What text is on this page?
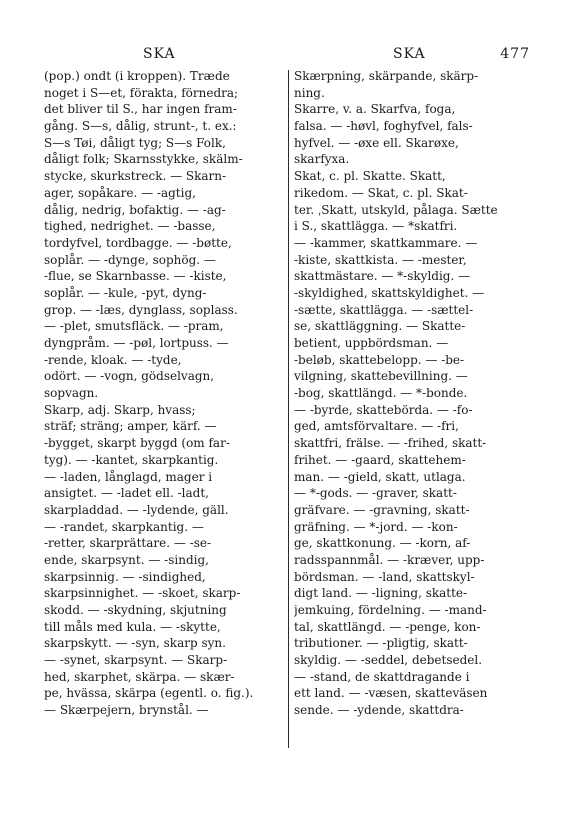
SKA	SKA	477
(pop.) ondt (i kroppen). Træde
noget i S—et, förakta, förnedra;
det bliver til S., har ingen fram-
gång. S—s, dålig, strunt-, t. ex.:
S—s Tøi, dåligt tyg; S—s Folk,
dåligt folk; Skarnsstykke, skälm-
stycke, skurkstreck. — Skarn-
ager, sopåkare. — -agtig,
dålig, nedrig, bofaktig. — -ag-
tighed, nedrighet. — -basse,
tordyfvel, tordbagge. — -bøtte,
soplår. — -dynge, sophög. —
-flue, se Skarnbasse. — -kiste,
soplår. — -kule, -pyt, dyng-
grop. — -læs, dynglass, soplass.
— -plet, smutsfläck. — -pram,
dyngpråm. — -pøl, lortpuss. —
-rende, kloak. — -tyde,
odört. — -vogn, gödselvagn,
sopvagn.
Skarp, adj. Skarp, hvass;
sträf; sträng; amper, kärf. —
-bygget, skarpt byggd (om far-
tyg). — -kantet, skarpkantig.
— -laden, långlagd, mager i
ansigtet. — -ladet ell. -ladt,
skarpladdad. — -lydende, gäll.
— -randet, skarpkantig. —
-retter, skarprättare. — -se-
ende, skarpsynt. — -sindig,
skarpsinnig. — -sindighed,
skarpsinnighet. — -skoet, skarp-
skodd. — -skydning, skjutning
till måls med kula. — -skytte,
skarpskytt. — -syn, skarp syn.
— -synet, skarpsynt. — Skarp-
hed, skarphet, skärpa. — skær-
pe, hvässa, skärpa (egentl. o. fig.).
— Skærpejern, brynstål. —
Skærpning, skärpande, skärp-
ning.
Skarre, v. a. Skarfva, foga,
falsa. — -høvl, foghyfvel, fals-
hyfvel. — -øxe ell. Skarøxe,
skarfyxa.
Skat, c. pl. Skatte. Skatt,
rikedom. — Skat, c. pl. Skat-
ter. ˌSkatt, utskyld, pålaga. Sætte
i S., skattlägga. — *skatfri.
— -kammer, skattkammare. —
-kiste, skattkista. — -mester,
skattmästare. — *-skyldig. —
-skyldighed, skattskyldighet. —
-sætte, skattlägga. — -sættel-
se, skattläggning. — Skatte-
betient, uppbördsman. —
-beløb, skattebelopp. — -be-
vilgning, skattebevillning. —
-bog, skattlängd. — *-bonde.
— -byrde, skattebörda. — -fo-
ged, amtsförvaltare. — -fri,
skattfri, frälse. — -frihed, skatt-
frihet. — -gaard, skattehem-
man. — -gield, skatt, utlaga.
— *-gods. — -graver, skatt-
gräfvare. — -gravning, skatt-
gräfning. — *-jord. — -kon-
ge, skattkonung. — -korn, af-
radsspannmål. — -kræver, upp-
bördsman. — -land, skattskyl-
digt land. — -ligning, skatte-
jemkuing, fördelning. — -mand-
tal, skattlängd. — -penge, kon-
tributioner. — -pligtig, skatt-
skyldig. — -seddel, debetsedel.
— -stand, de skattdragande i
ett land. — -væsen, skatteväsen
sende. — -ydende, skattdra-
